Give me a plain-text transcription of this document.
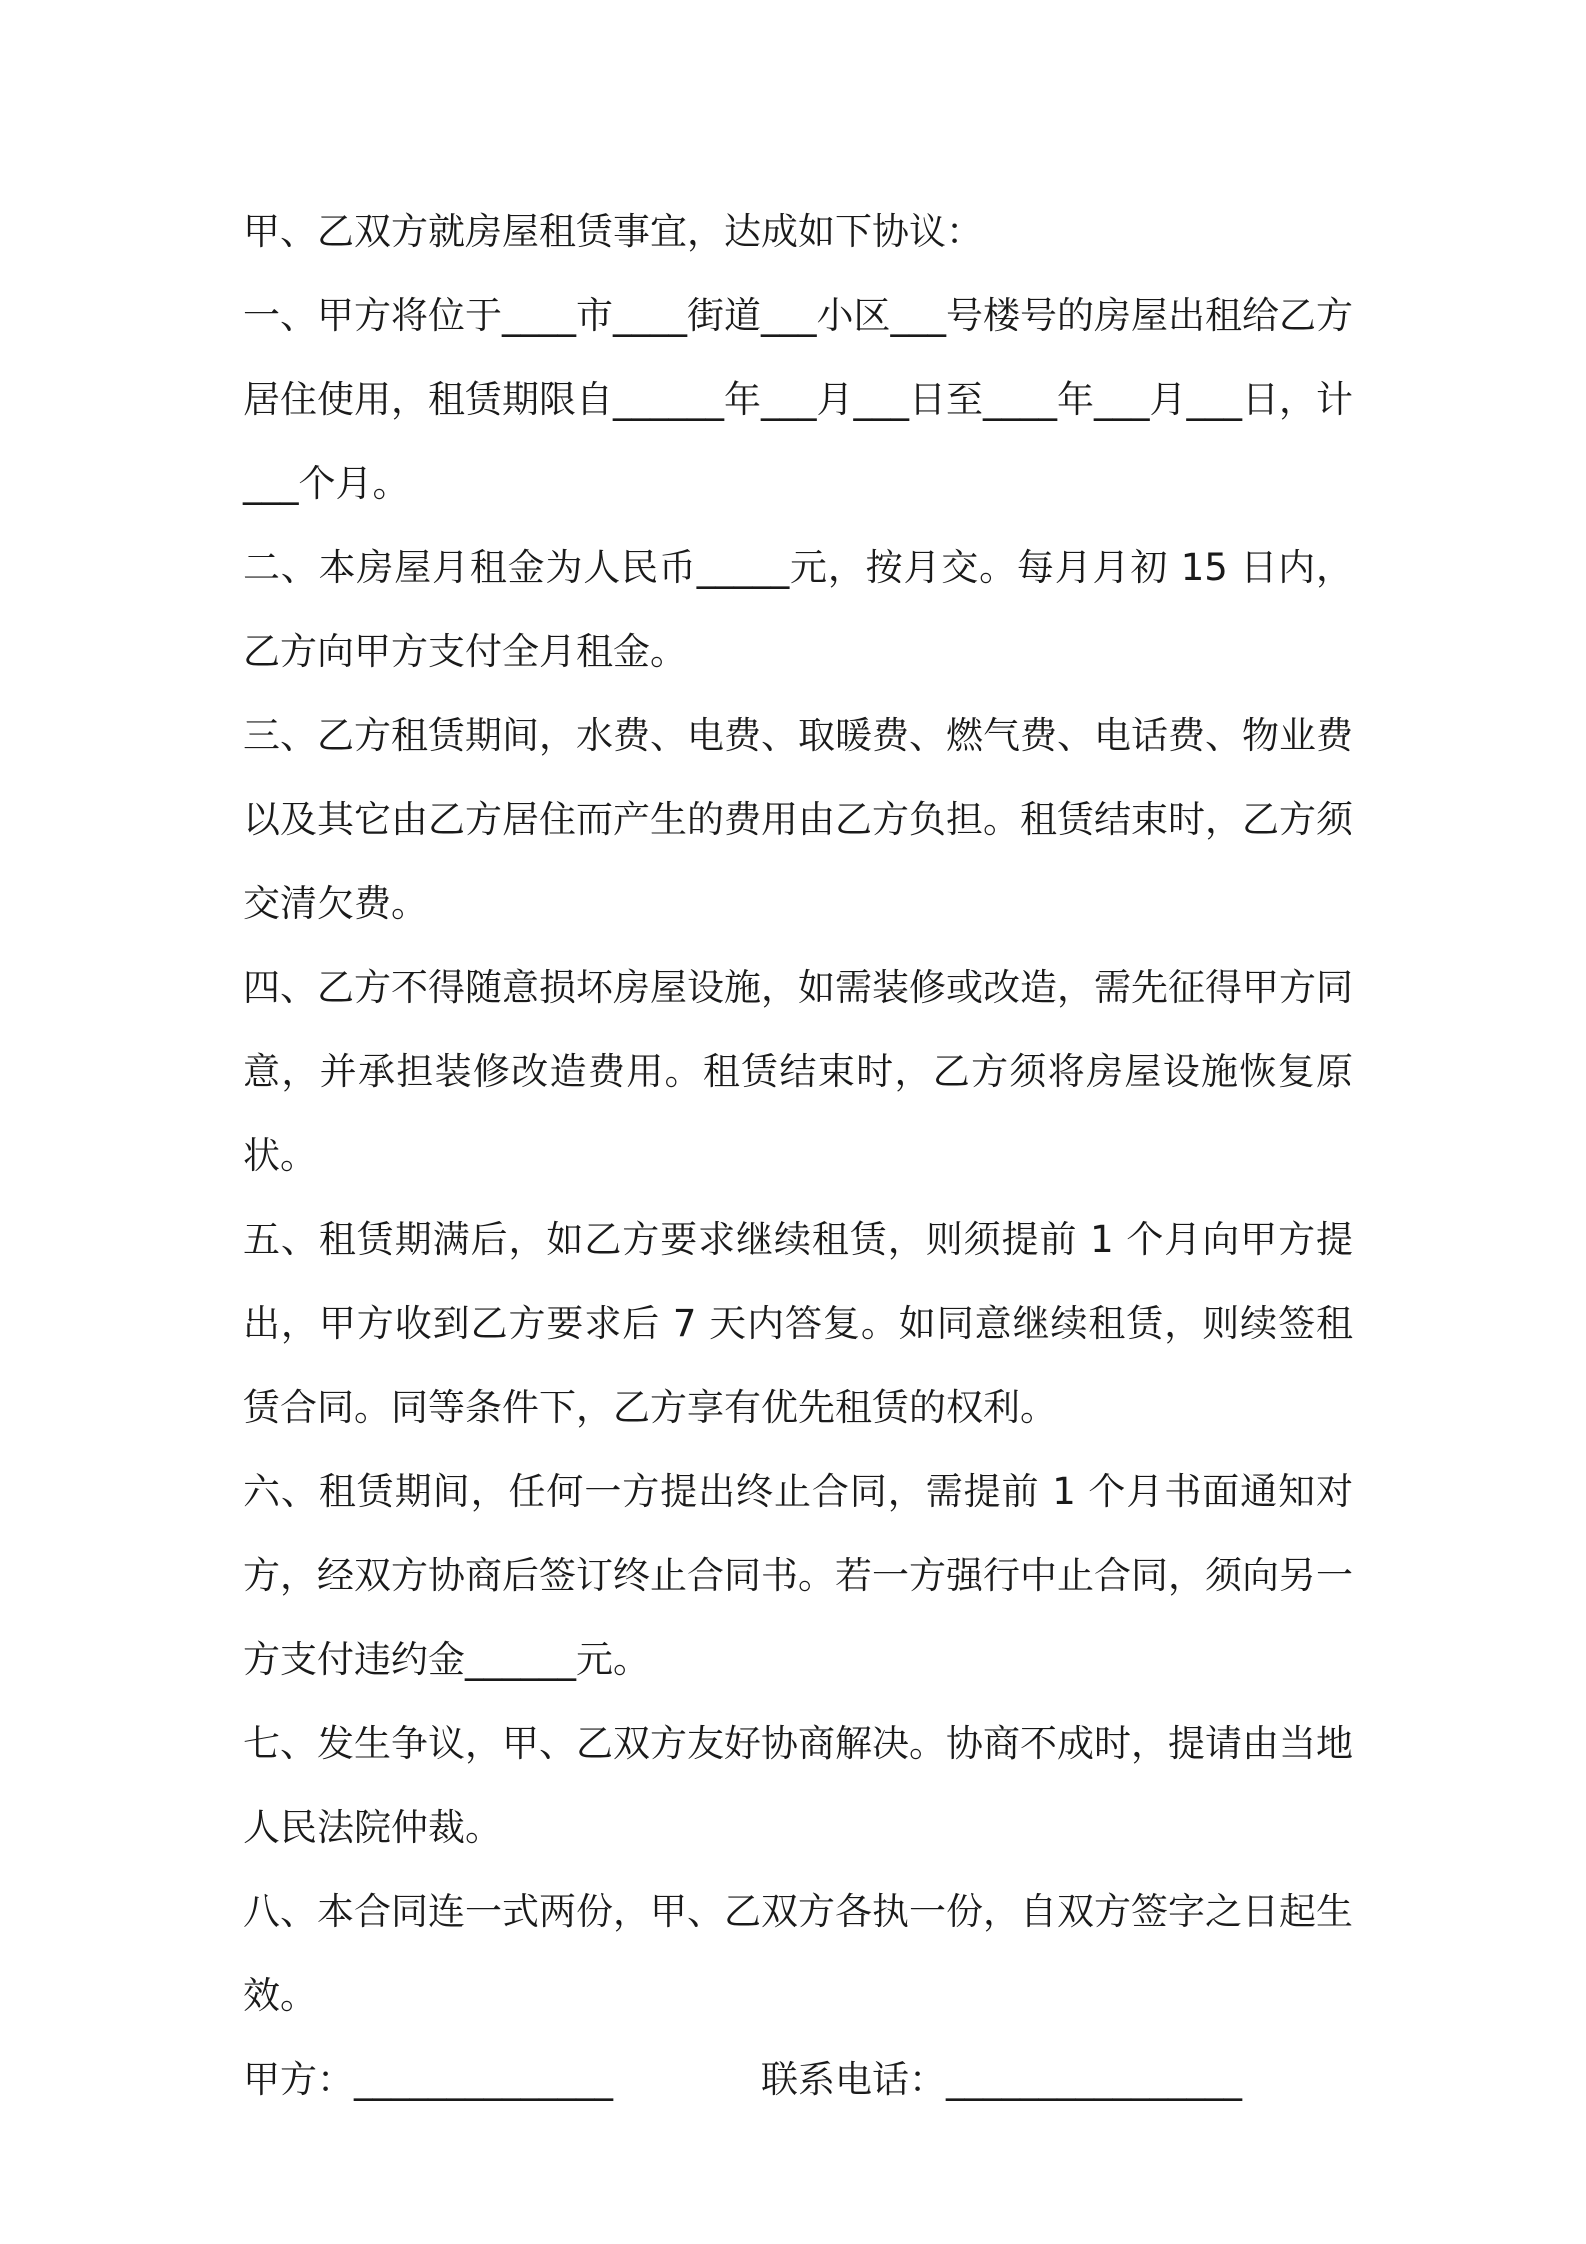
甲、乙双方就房屋租赁事宜，达成如下协议：

一、甲方将位于____市____街道___小区___号楼号的房屋出租给乙方居住使用，租赁期限自______年___月___日至____年___月___日，计___个月。

二、本房屋月租金为人民币_____元，按月交。每月月初 15 日内，乙方向甲方支付全月租金。

三、乙方租赁期间，水费、电费、取暖费、燃气费、电话费、物业费以及其它由乙方居住而产生的费用由乙方负担。租赁结束时，乙方须交清欠费。

四、乙方不得随意损坏房屋设施，如需装修或改造，需先征得甲方同意，并承担装修改造费用。租赁结束时，乙方须将房屋设施恢复原状。

五、租赁期满后，如乙方要求继续租赁，则须提前 1 个月向甲方提出，甲方收到乙方要求后 7 天内答复。如同意继续租赁，则续签租赁合同。同等条件下，乙方享有优先租赁的权利。

六、租赁期间，任何一方提出终止合同，需提前 1 个月书面通知对方，经双方协商后签订终止合同书。若一方强行中止合同，须向另一方支付违约金______元。

七、发生争议，甲、乙双方友好协商解决。协商不成时，提请由当地人民法院仲裁。

八、本合同连一式两份，甲、乙双方各执一份，自双方签字之日起生效。

甲方：______________	联系电话：________________
